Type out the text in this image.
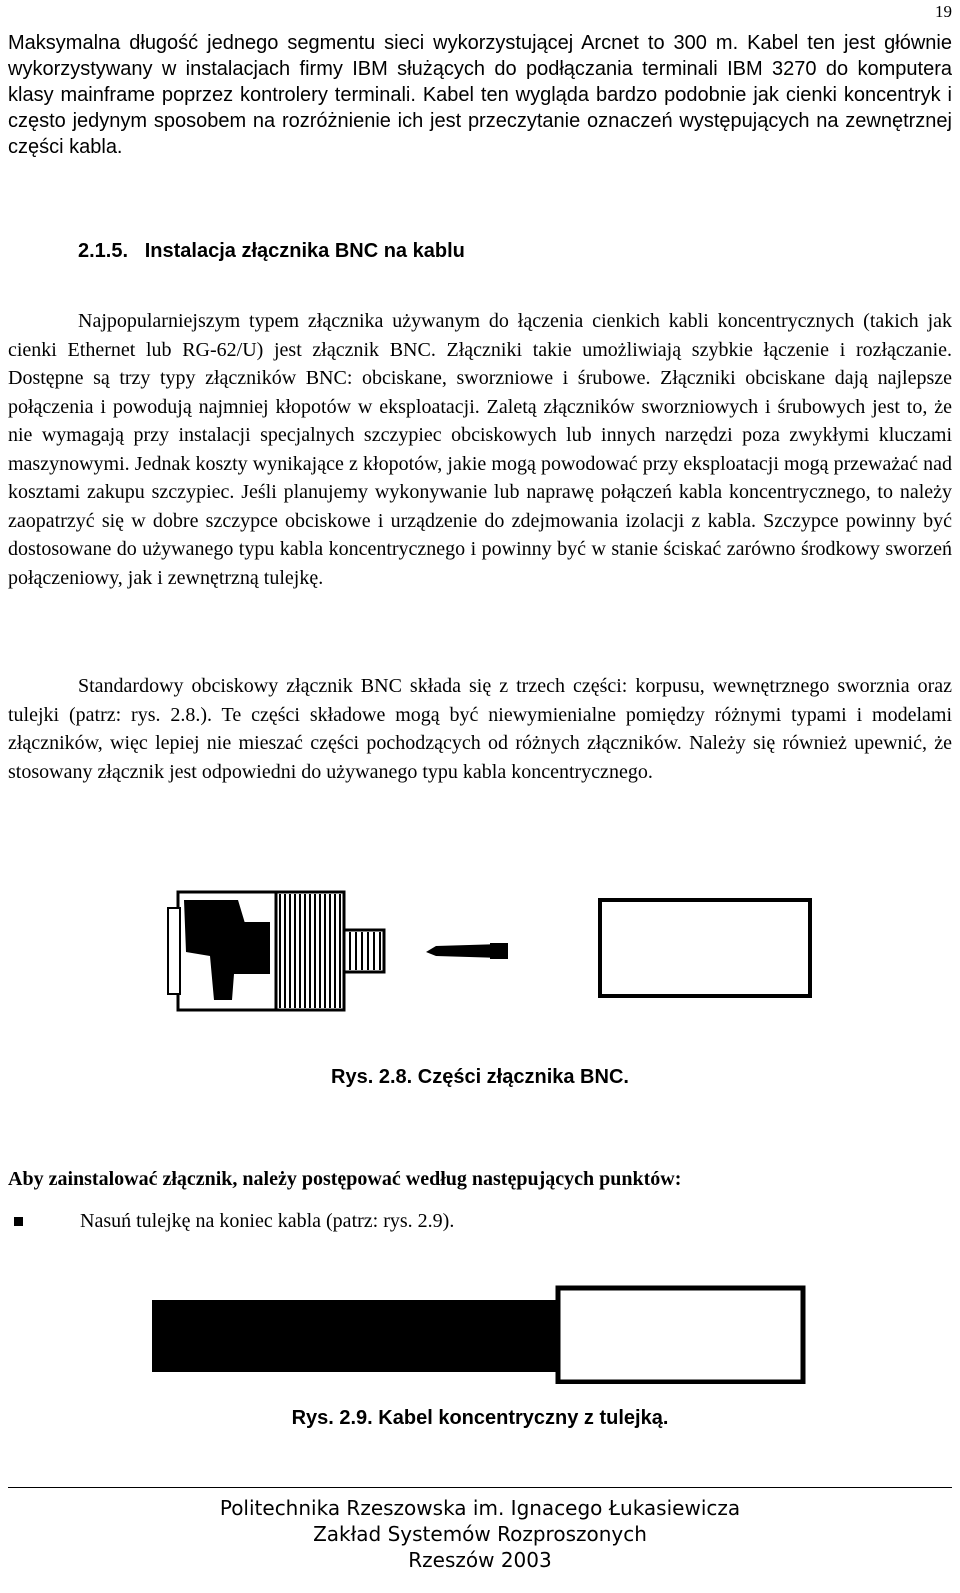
19

Maksymalna długość jednego segmentu sieci wykorzystującej Arcnet to 300 m. Kabel ten jest głównie wykorzystywany w instalacjach firmy IBM służących do podłączania terminali IBM 3270 do komputera klasy mainframe poprzez kontrolery terminali. Kabel ten wygląda bardzo podobnie jak cienki koncentryk i często jedynym sposobem na rozróżnienie ich jest przeczytanie oznaczeń występujących na zewnętrznej części kabla.

2.1.5. Instalacja złącznika BNC na kablu

Najpopularniejszym typem złącznika używanym do łączenia cienkich kabli koncentrycznych (takich jak cienki Ethernet lub RG-62/U) jest złącznik BNC. Złączniki takie umożliwiają szybkie łączenie i rozłączanie. Dostępne są trzy typy złączników BNC: obciskane, sworzniowe i śrubowe. Złączniki obciskane dają najlepsze połączenia i powodują najmniej kłopotów w eksploatacji. Zaletą złączników sworzniowych i śrubowych jest to, że nie wymagają przy instalacji specjalnych szczypiec obciskowych lub innych narzędzi poza zwykłymi kluczami maszynowymi. Jednak koszty wynikające z kłopotów, jakie mogą powodować przy eksploatacji mogą przeważać nad kosztami zakupu szczypiec. Jeśli planujemy wykonywanie lub naprawę połączeń kabla koncentrycznego, to należy zaopatrzyć się w dobre szczypce obciskowe i urządzenie do zdejmowania izolacji z kabla. Szczypce powinny być dostosowane do używanego typu kabla koncentrycznego i powinny być w stanie ściskać zarówno środkowy sworzeń połączeniowy, jak i zewnętrzną tulejkę.

Standardowy obciskowy złącznik BNC składa się z trzech części: korpusu, wewnętrznego sworznia oraz tulejki (patrz: rys. 2.8.). Te części składowe mogą być niewymienialne pomiędzy różnymi typami i modelami złączników, więc lepiej nie mieszać części pochodzących od różnych złączników. Należy się również upewnić, że stosowany złącznik jest odpowiedni do używanego typu kabla koncentrycznego.

Rys. 2.8. Części złącznika BNC.
Aby zainstalować złącznik, należy postępować według następujących punktów:
Nasuń tulejkę na koniec kabla (patrz: rys. 2.9).
Rys. 2.9. Kabel koncentryczny z tulejką.
Politechnika Rzeszowska im. Ignacego Łukasiewicza
Zakład Systemów Rozproszonych
Rzeszów 2003
